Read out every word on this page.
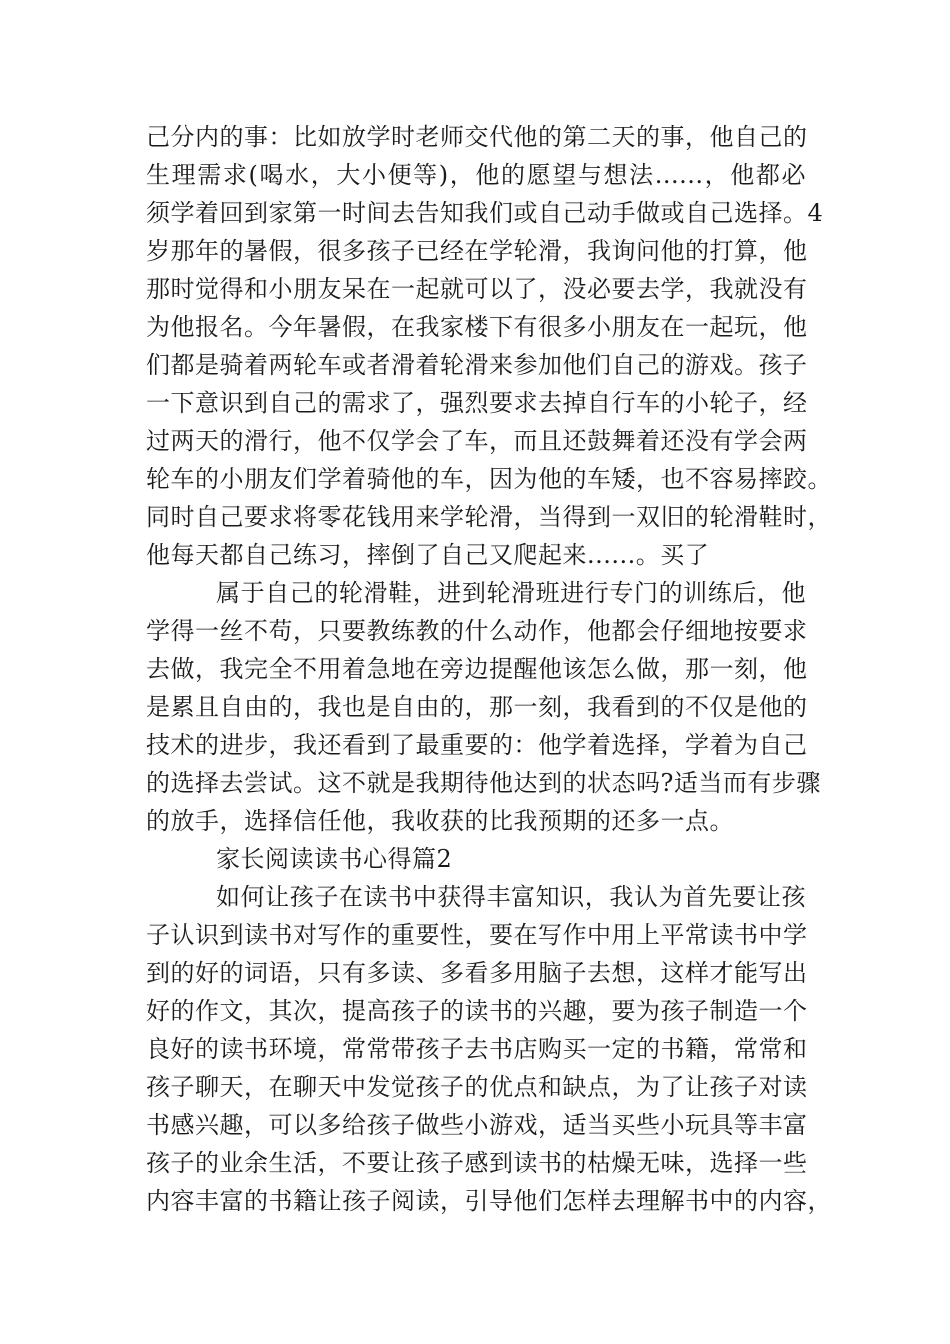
己分内的事：比如放学时老师交代他的第二天的事，他自己的
生理需求(喝水，大小便等)，他的愿望与想法......，他都必
须学着回到家第一时间去告知我们或自己动手做或自己选择。4
岁那年的暑假，很多孩子已经在学轮滑，我询问他的打算，他
那时觉得和小朋友呆在一起就可以了，没必要去学，我就没有
为他报名。今年暑假，在我家楼下有很多小朋友在一起玩，他
们都是骑着两轮车或者滑着轮滑来参加他们自己的游戏。孩子
一下意识到自己的需求了，强烈要求去掉自行车的小轮子，经
过两天的滑行，他不仅学会了车，而且还鼓舞着还没有学会两
轮车的小朋友们学着骑他的车，因为他的车矮，也不容易摔跤。
同时自己要求将零花钱用来学轮滑，当得到一双旧的轮滑鞋时，
他每天都自己练习，摔倒了自己又爬起来......。买了
属于自己的轮滑鞋，进到轮滑班进行专门的训练后，他
学得一丝不苟，只要教练教的什么动作，他都会仔细地按要求
去做，我完全不用着急地在旁边提醒他该怎么做，那一刻，他
是累且自由的，我也是自由的，那一刻，我看到的不仅是他的
技术的进步，我还看到了最重要的：他学着选择，学着为自己
的选择去尝试。这不就是我期待他达到的状态吗?适当而有步骤
的放手，选择信任他，我收获的比我预期的还多一点。
家长阅读读书心得篇2
如何让孩子在读书中获得丰富知识，我认为首先要让孩
子认识到读书对写作的重要性，要在写作中用上平常读书中学
到的好的词语，只有多读、多看多用脑子去想，这样才能写出
好的作文，其次，提高孩子的读书的兴趣，要为孩子制造一个
良好的读书环境，常常带孩子去书店购买一定的书籍，常常和
孩子聊天，在聊天中发觉孩子的优点和缺点，为了让孩子对读
书感兴趣，可以多给孩子做些小游戏，适当买些小玩具等丰富
孩子的业余生活，不要让孩子感到读书的枯燥无味，选择一些
内容丰富的书籍让孩子阅读，引导他们怎样去理解书中的内容，
